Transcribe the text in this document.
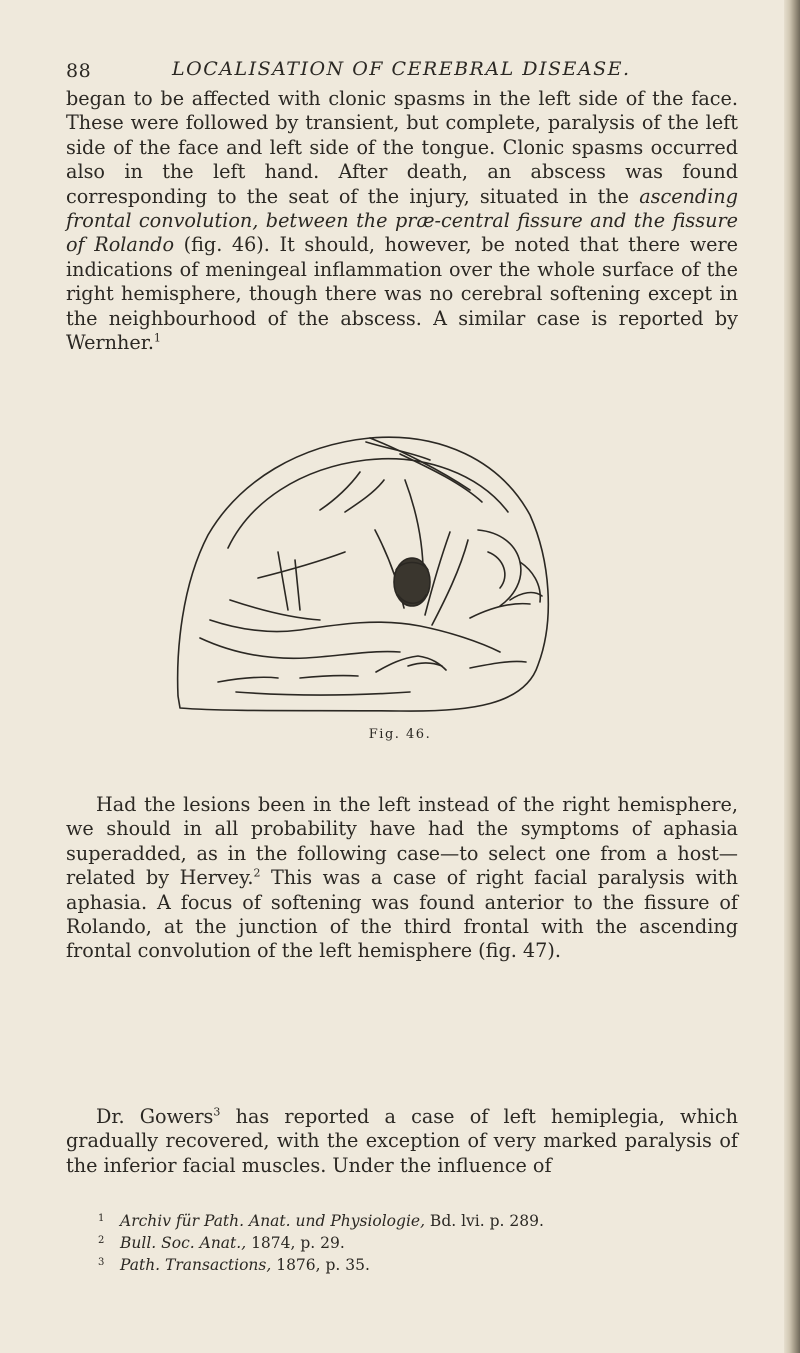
88	LOCALISATION OF CEREBRAL DISEASE.

began to be affected with clonic spasms in the left side of the face. These were followed by transient, but complete, paralysis of the left side of the face and left side of the tongue. Clonic spasms occurred also in the left hand. After death, an abscess was found corresponding to the seat of the injury, situated in the ascending frontal convolution, between the præ-central fissure and the fissure of Rolando (fig. 46). It should, however, be noted that there were indications of meningeal inflammation over the whole surface of the right hemisphere, though there was no cerebral softening except in the neighbourhood of the abscess. A similar case is reported by Wernher.$^1$

Fig. 46.

Had the lesions been in the left instead of the right hemisphere, we should in all probability have had the symptoms of aphasia superadded, as in the following case—to select one from a host—related by Hervey.$^2$ This was a case of right facial paralysis with aphasia. A focus of softening was found anterior to the fissure of Rolando, at the junction of the third frontal with the ascending frontal convolution of the left hemisphere (fig. 47).

Dr. Gowers$^3$ has reported a case of left hemiplegia, which gradually recovered, with the exception of very marked paralysis of the inferior facial muscles. Under the influence of

1 Archiv für Path. Anat. und Physiologie, Bd. lvi. p. 289.
2 Bull. Soc. Anat., 1874, p. 29.
3 Path. Transactions, 1876, p. 35.
